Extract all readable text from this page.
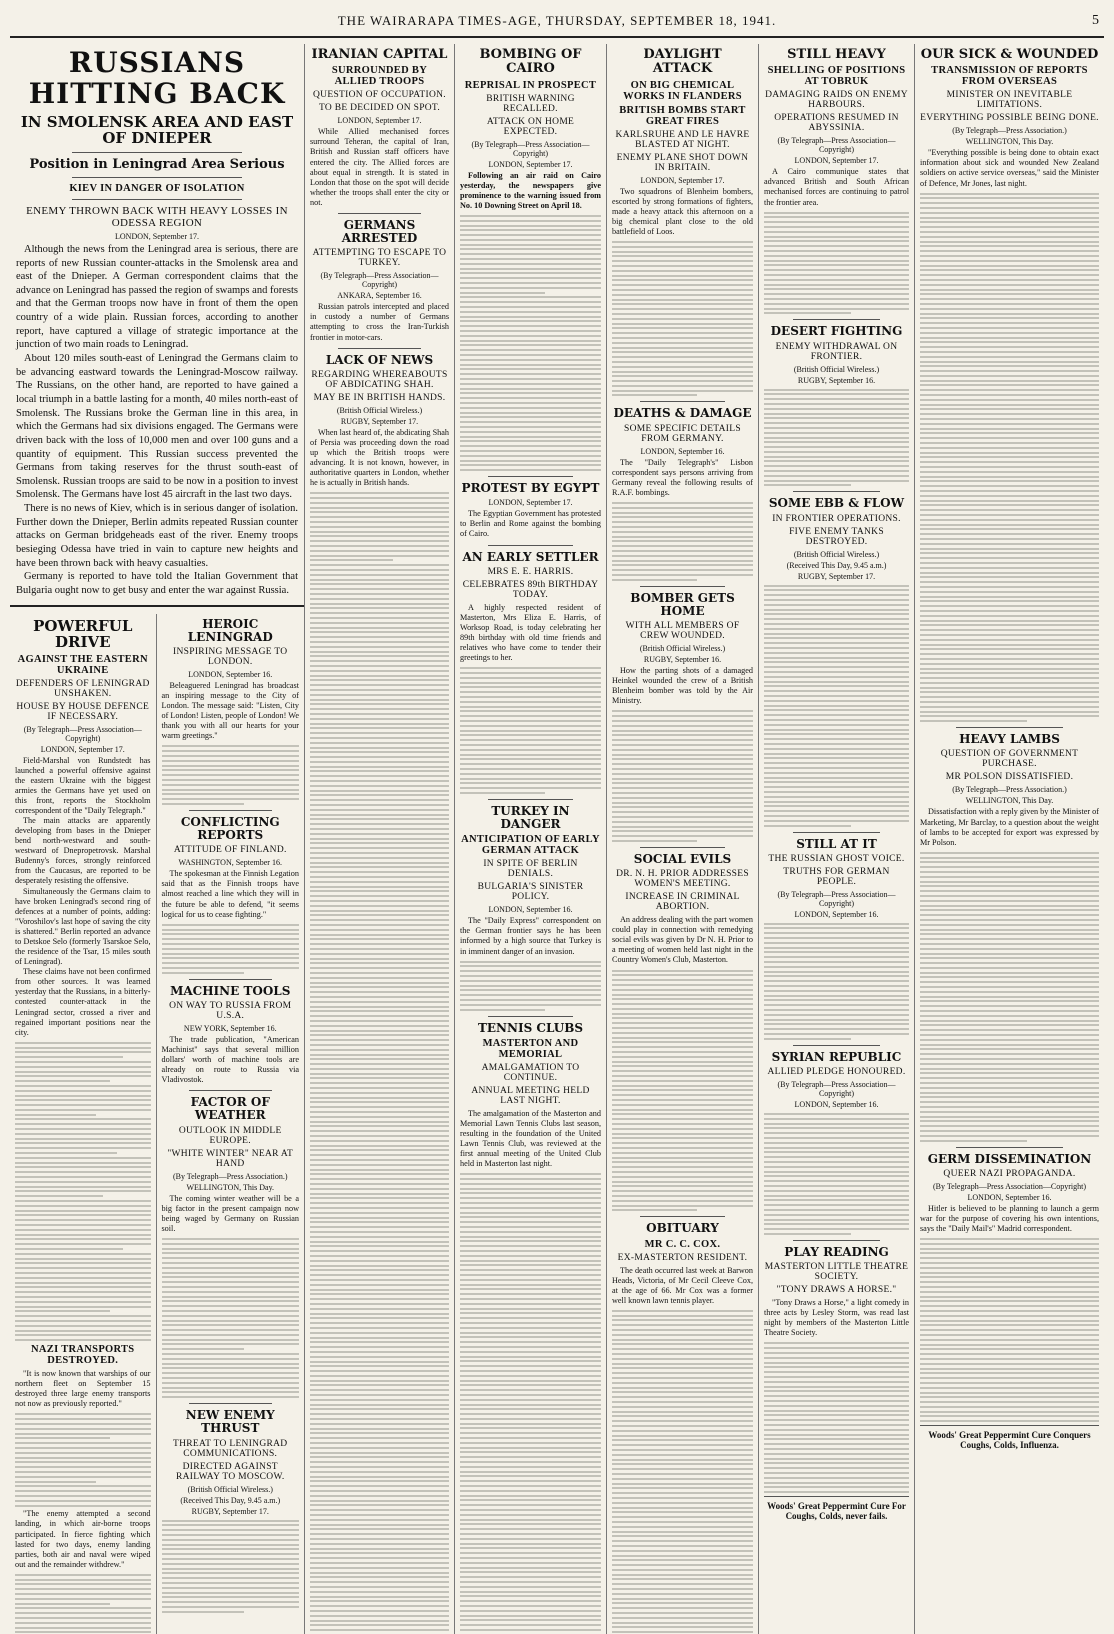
THE WAIRARAPA TIMES-AGE, THURSDAY, SEPTEMBER 18, 1941.	5
RUSSIANS HITTING BACK
IN SMOLENSK AREA AND EAST OF DNIEPER
Position in Leningrad Area Serious
KIEV IN DANGER OF ISOLATION
ENEMY THROWN BACK WITH HEAVY LOSSES IN ODESSA REGION
LONDON, September 17.

Although the news from the Leningrad area is serious, there are reports of new Russian counter-attacks in the Smolensk area and east of the Dnieper. A German correspondent claims that the advance on Leningrad has passed the region of swamps and forests and that the German troops now have in front of them the open country of a wide plain. Russian forces, according to another report, have captured a village of strategic importance at the junction of two main roads to Leningrad.

About 120 miles south-east of Leningrad the Germans claim to be advancing eastward towards the Leningrad-Moscow railway. The Russians, on the other hand, are reported to have gained a local triumph in a battle lasting for a month, 40 miles north-east of Smolensk. The Russians broke the German line in this area, in which the Germans had six divisions engaged. The Germans were driven back with the loss of 10,000 men and over 100 guns and a quantity of equipment. This Russian success prevented the Germans from taking reserves for the thrust south-east of Smolensk. Russian troops are said to be now in a position to invest Smolensk. The Germans have lost 45 aircraft in the last two days.

There is no news of Kiev, which is in serious danger of isolation. Further down the Dnieper, Berlin admits repeated Russian counter attacks on German bridgeheads east of the river. Enemy troops besieging Odessa have tried in vain to capture new heights and have been thrown back with heavy casualties.

Germany is reported to have told the Italian Government that Bulgaria ought now to get busy and enter the war against Russia.

POWERFUL DRIVE
AGAINST THE EASTERN UKRAINE
DEFENDERS OF LENINGRAD UNSHAKEN.
HOUSE BY HOUSE DEFENCE IF NECESSARY.
(By Telegraph—Press Association—Copyright)
LONDON, September 17.

Field-Marshal von Rundstedt has launched a powerful offensive against the eastern Ukraine with the biggest armies the Germans have yet used on this front, reports the Stockholm correspondent of the "Daily Telegraph."

The main attacks are apparently developing from bases in the Dnieper bend north-westward and south-westward of Dnepropetrovsk. Marshal Budenny's forces, strongly reinforced from the Caucasus, are reported to be desperately resisting the offensive.

Simultaneously the Germans claim to have broken Leningrad's second ring of defences at a number of points, adding: "Voroshilov's last hope of saving the city is shattered." Berlin reported an advance to Detskoe Selo (formerly Tsarskoe Selo, the residence of the Tsar, 15 miles south of Leningrad).

These claims have not been confirmed from other sources. It was learned yesterday that the Russians, in a bitterly-contested counter-attack in the Leningrad sector, crossed a river and regained important positions near the city.

NAZI TRANSPORTS DESTROYED.

"It is now known that warships of our northern fleet on September 15 destroyed three large enemy transports not now as previously reported."

"The enemy attempted a second landing, in which air-borne troops participated. In fierce fighting which lasted for two days, enemy landing parties, both air and naval were wiped out and the remainder withdrew."

HEROIC LENINGRAD
INSPIRING MESSAGE TO LONDON.
LONDON, September 16.

Beleaguered Leningrad has broadcast an inspiring message to the City of London. The message said: "Listen, City of London! Listen, people of London! We thank you with all our hearts for your warm greetings."

CONFLICTING REPORTS
ATTITUDE OF FINLAND.
WASHINGTON, September 16.

The spokesman at the Finnish Legation said that as the Finnish troops have almost reached a line which they will in the future be able to defend, "it seems logical for us to cease fighting."

MACHINE TOOLS
ON WAY TO RUSSIA FROM U.S.A.
NEW YORK, September 16.

The trade publication, "American Machinist" says that several million dollars' worth of machine tools are already on route to Russia via Vladivostok.

FACTOR OF WEATHER
OUTLOOK IN MIDDLE EUROPE.
"WHITE WINTER" NEAR AT HAND
(By Telegraph—Press Association.)
WELLINGTON, This Day.

The coming winter weather will be a big factor in the present campaign now being waged by Germany on Russian soil.

NEW ENEMY THRUST
THREAT TO LENINGRAD COMMUNICATIONS.
DIRECTED AGAINST RAILWAY TO MOSCOW.
(British Official Wireless.)
(Received This Day, 9.45 a.m.)
RUGBY, September 17.
IRANIAN CAPITAL
SURROUNDED BY ALLIED TROOPS
QUESTION OF OCCUPATION.
TO BE DECIDED ON SPOT.
LONDON, September 17.

While Allied mechanised forces surround Teheran, the capital of Iran, British and Russian staff officers have entered the city. The Allied forces are about equal in strength. It is stated in London that those on the spot will decide whether the troops shall enter the city or not.

GERMANS ARRESTED
ATTEMPTING TO ESCAPE TO TURKEY.
(By Telegraph—Press Association—Copyright)
ANKARA, September 16.

Russian patrols intercepted and placed in custody a number of Germans attempting to cross the Iran-Turkish frontier in motor-cars.

LACK OF NEWS
REGARDING WHEREABOUTS OF ABDICATING SHAH.
MAY BE IN BRITISH HANDS.
(British Official Wireless.)
RUGBY, September 17.

When last heard of, the abdicating Shah of Persia was proceeding down the road up which the British troops were advancing. It is not known, however, in authoritative quarters in London, whether he is actually in British hands.

BOMBING OF CAIRO
REPRISAL IN PROSPECT
BRITISH WARNING RECALLED.
ATTACK ON HOME EXPECTED.
(By Telegraph—Press Association—Copyright)
LONDON, September 17.

Following an air raid on Cairo yesterday, the newspapers give prominence to the warning issued from No. 10 Downing Street on April 18.

PROTEST BY EGYPT
LONDON, September 17.

The Egyptian Government has protested to Berlin and Rome against the bombing of Cairo.

AN EARLY SETTLER
MRS E. E. HARRIS.
CELEBRATES 89th BIRTHDAY TODAY.

A highly respected resident of Masterton, Mrs Eliza E. Harris, of Worksop Road, is today celebrating her 89th birthday with old time friends and relatives who have come to tender their greetings to her.

TURKEY IN DANGER
ANTICIPATION OF EARLY GERMAN ATTACK
IN SPITE OF BERLIN DENIALS.
BULGARIA'S SINISTER POLICY.
LONDON, September 16.

The "Daily Express" correspondent on the German frontier says he has been informed by a high source that Turkey is in imminent danger of an invasion.

TENNIS CLUBS
MASTERTON AND MEMORIAL
AMALGAMATION TO CONTINUE.
ANNUAL MEETING HELD LAST NIGHT.

The amalgamation of the Masterton and Memorial Lawn Tennis Clubs last season, resulting in the foundation of the United Lawn Tennis Club, was reviewed at the first annual meeting of the United Club held in Masterton last night.

DAYLIGHT ATTACK
ON BIG CHEMICAL WORKS IN FLANDERS
BRITISH BOMBS START GREAT FIRES
KARLSRUHE AND LE HAVRE BLASTED AT NIGHT.
ENEMY PLANE SHOT DOWN IN BRITAIN.
LONDON, September 17.

Two squadrons of Blenheim bombers, escorted by strong formations of fighters, made a heavy attack this afternoon on a big chemical plant close to the old battlefield of Loos.

DEATHS & DAMAGE
SOME SPECIFIC DETAILS FROM GERMANY.
LONDON, September 16.

The "Daily Telegraph's" Lisbon correspondent says persons arriving from Germany reveal the following results of R.A.F. bombings.

BOMBER GETS HOME
WITH ALL MEMBERS OF CREW WOUNDED.
(British Official Wireless.)
RUGBY, September 16.

How the parting shots of a damaged Heinkel wounded the crew of a British Blenheim bomber was told by the Air Ministry.

SOCIAL EVILS
DR. N. H. PRIOR ADDRESSES WOMEN'S MEETING.
INCREASE IN CRIMINAL ABORTION.

An address dealing with the part women could play in connection with remedying social evils was given by Dr N. H. Prior to a meeting of women held last night in the Country Women's Club, Masterton.

OBITUARY
MR C. C. COX.
EX-MASTERTON RESIDENT.

The death occurred last week at Barwon Heads, Victoria, of Mr Cecil Cleeve Cox, at the age of 66. Mr Cox was a former well known lawn tennis player.

STILL HEAVY
SHELLING OF POSITIONS AT TOBRUK
DAMAGING RAIDS ON ENEMY HARBOURS.
OPERATIONS RESUMED IN ABYSSINIA.
(By Telegraph—Press Association—Copyright)
LONDON, September 17.

A Cairo communique states that advanced British and South African mechanised forces are continuing to patrol the frontier area.

DESERT FIGHTING
ENEMY WITHDRAWAL ON FRONTIER.
(British Official Wireless.)
RUGBY, September 16.
SOME EBB & FLOW
IN FRONTIER OPERATIONS.
FIVE ENEMY TANKS DESTROYED.
(British Official Wireless.)
(Received This Day, 9.45 a.m.)
RUGBY, September 17.
STILL AT IT
THE RUSSIAN GHOST VOICE.
TRUTHS FOR GERMAN PEOPLE.
(By Telegraph—Press Association—Copyright)
LONDON, September 16.
SYRIAN REPUBLIC
ALLIED PLEDGE HONOURED.
(By Telegraph—Press Association—Copyright)
LONDON, September 16.
PLAY READING
MASTERTON LITTLE THEATRE SOCIETY.
"TONY DRAWS A HORSE."

"Tony Draws a Horse," a light comedy in three acts by Lesley Storm, was read last night by members of the Masterton Little Theatre Society.

Woods' Great Peppermint Cure For Coughs, Colds, never fails.
OUR SICK & WOUNDED
TRANSMISSION OF REPORTS FROM OVERSEAS
MINISTER ON INEVITABLE LIMITATIONS.
EVERYTHING POSSIBLE BEING DONE.
(By Telegraph—Press Association.)
WELLINGTON, This Day.

"Everything possible is being done to obtain exact information about sick and wounded New Zealand soldiers on active service overseas," said the Minister of Defence, Mr Jones, last night.

HEAVY LAMBS
QUESTION OF GOVERNMENT PURCHASE.
MR POLSON DISSATISFIED.
(By Telegraph—Press Association.)
WELLINGTON, This Day.

Dissatisfaction with a reply given by the Minister of Marketing, Mr Barclay, to a question about the weight of lambs to be accepted for export was expressed by Mr Polson.

GERM DISSEMINATION
QUEER NAZI PROPAGANDA.
(By Telegraph—Press Association—Copyright)
LONDON, September 16.

Hitler is believed to be planning to launch a germ war for the purpose of covering his own intentions, says the "Daily Mail's" Madrid correspondent.

Woods' Great Peppermint Cure Conquers Coughs, Colds, Influenza.
